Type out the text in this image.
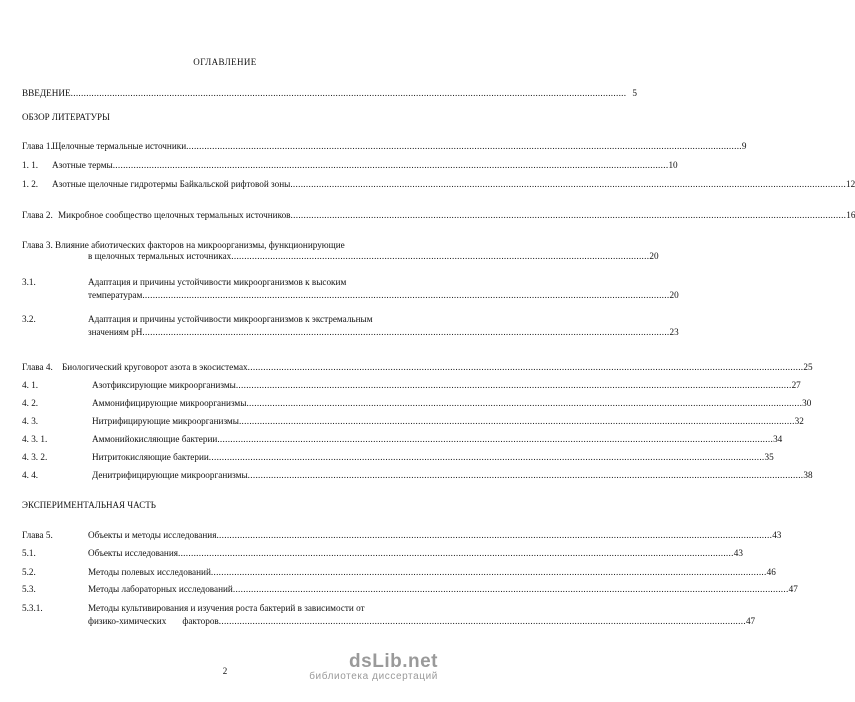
ОГЛАВЛЕНИЕ
ВВЕДЕНИЕ .....	5
ОБЗОР ЛИТЕРАТУРЫ
Глава 1. Щелочные термальные источники .....	9
1. 1.	Азотные термы .....	10
1. 2.	Азотные щелочные гидротермы Байкальской рифтовой зоны .....	12
Глава 2. Микробное сообщество щелочных термальных источников .....	16
Глава 3. Влияние абиотических факторов на микроорганизмы, функционирующие
в щелочных термальных источниках .....	20
3.1.	Адаптация и причины устойчивости микроорганизмов к высоким
температурам .....	20
3.2.	Адаптация и причины устойчивости микроорганизмов к экстремальным
значениям рН .....	23
Глава 4.	Биологический круговорот азота в экосистемах .....	25
4. 1.	Азотфиксирующие микроорганизмы .....	27
4. 2.	Аммонифицирующие микроорганизмы .....	30
4. 3.	Нитрифицирующие микроорганизмы .....	32
4. 3. 1.	Аммонийокисляющие бактерии .....	34
4. 3. 2.	Нитритокисляющие бактерии .....	35
4. 4.	Денитрифицирующие микроорганизмы .....	38
ЭКСПЕРИМЕНТАЛЬНАЯ ЧАСТЬ
Глава 5.	Объекты и методы исследования .....	43
5.1.	Объекты исследования .....	43
5.2.	Методы полевых исследований .....	46
5.3.	Методы лабораторных исследований .....	47
5.3.1.	Методы культивирования и изучения роста бактерий в зависимости от
физико-химических       факторов .....	47
2	dsLib.net
библиотека диссертаций
